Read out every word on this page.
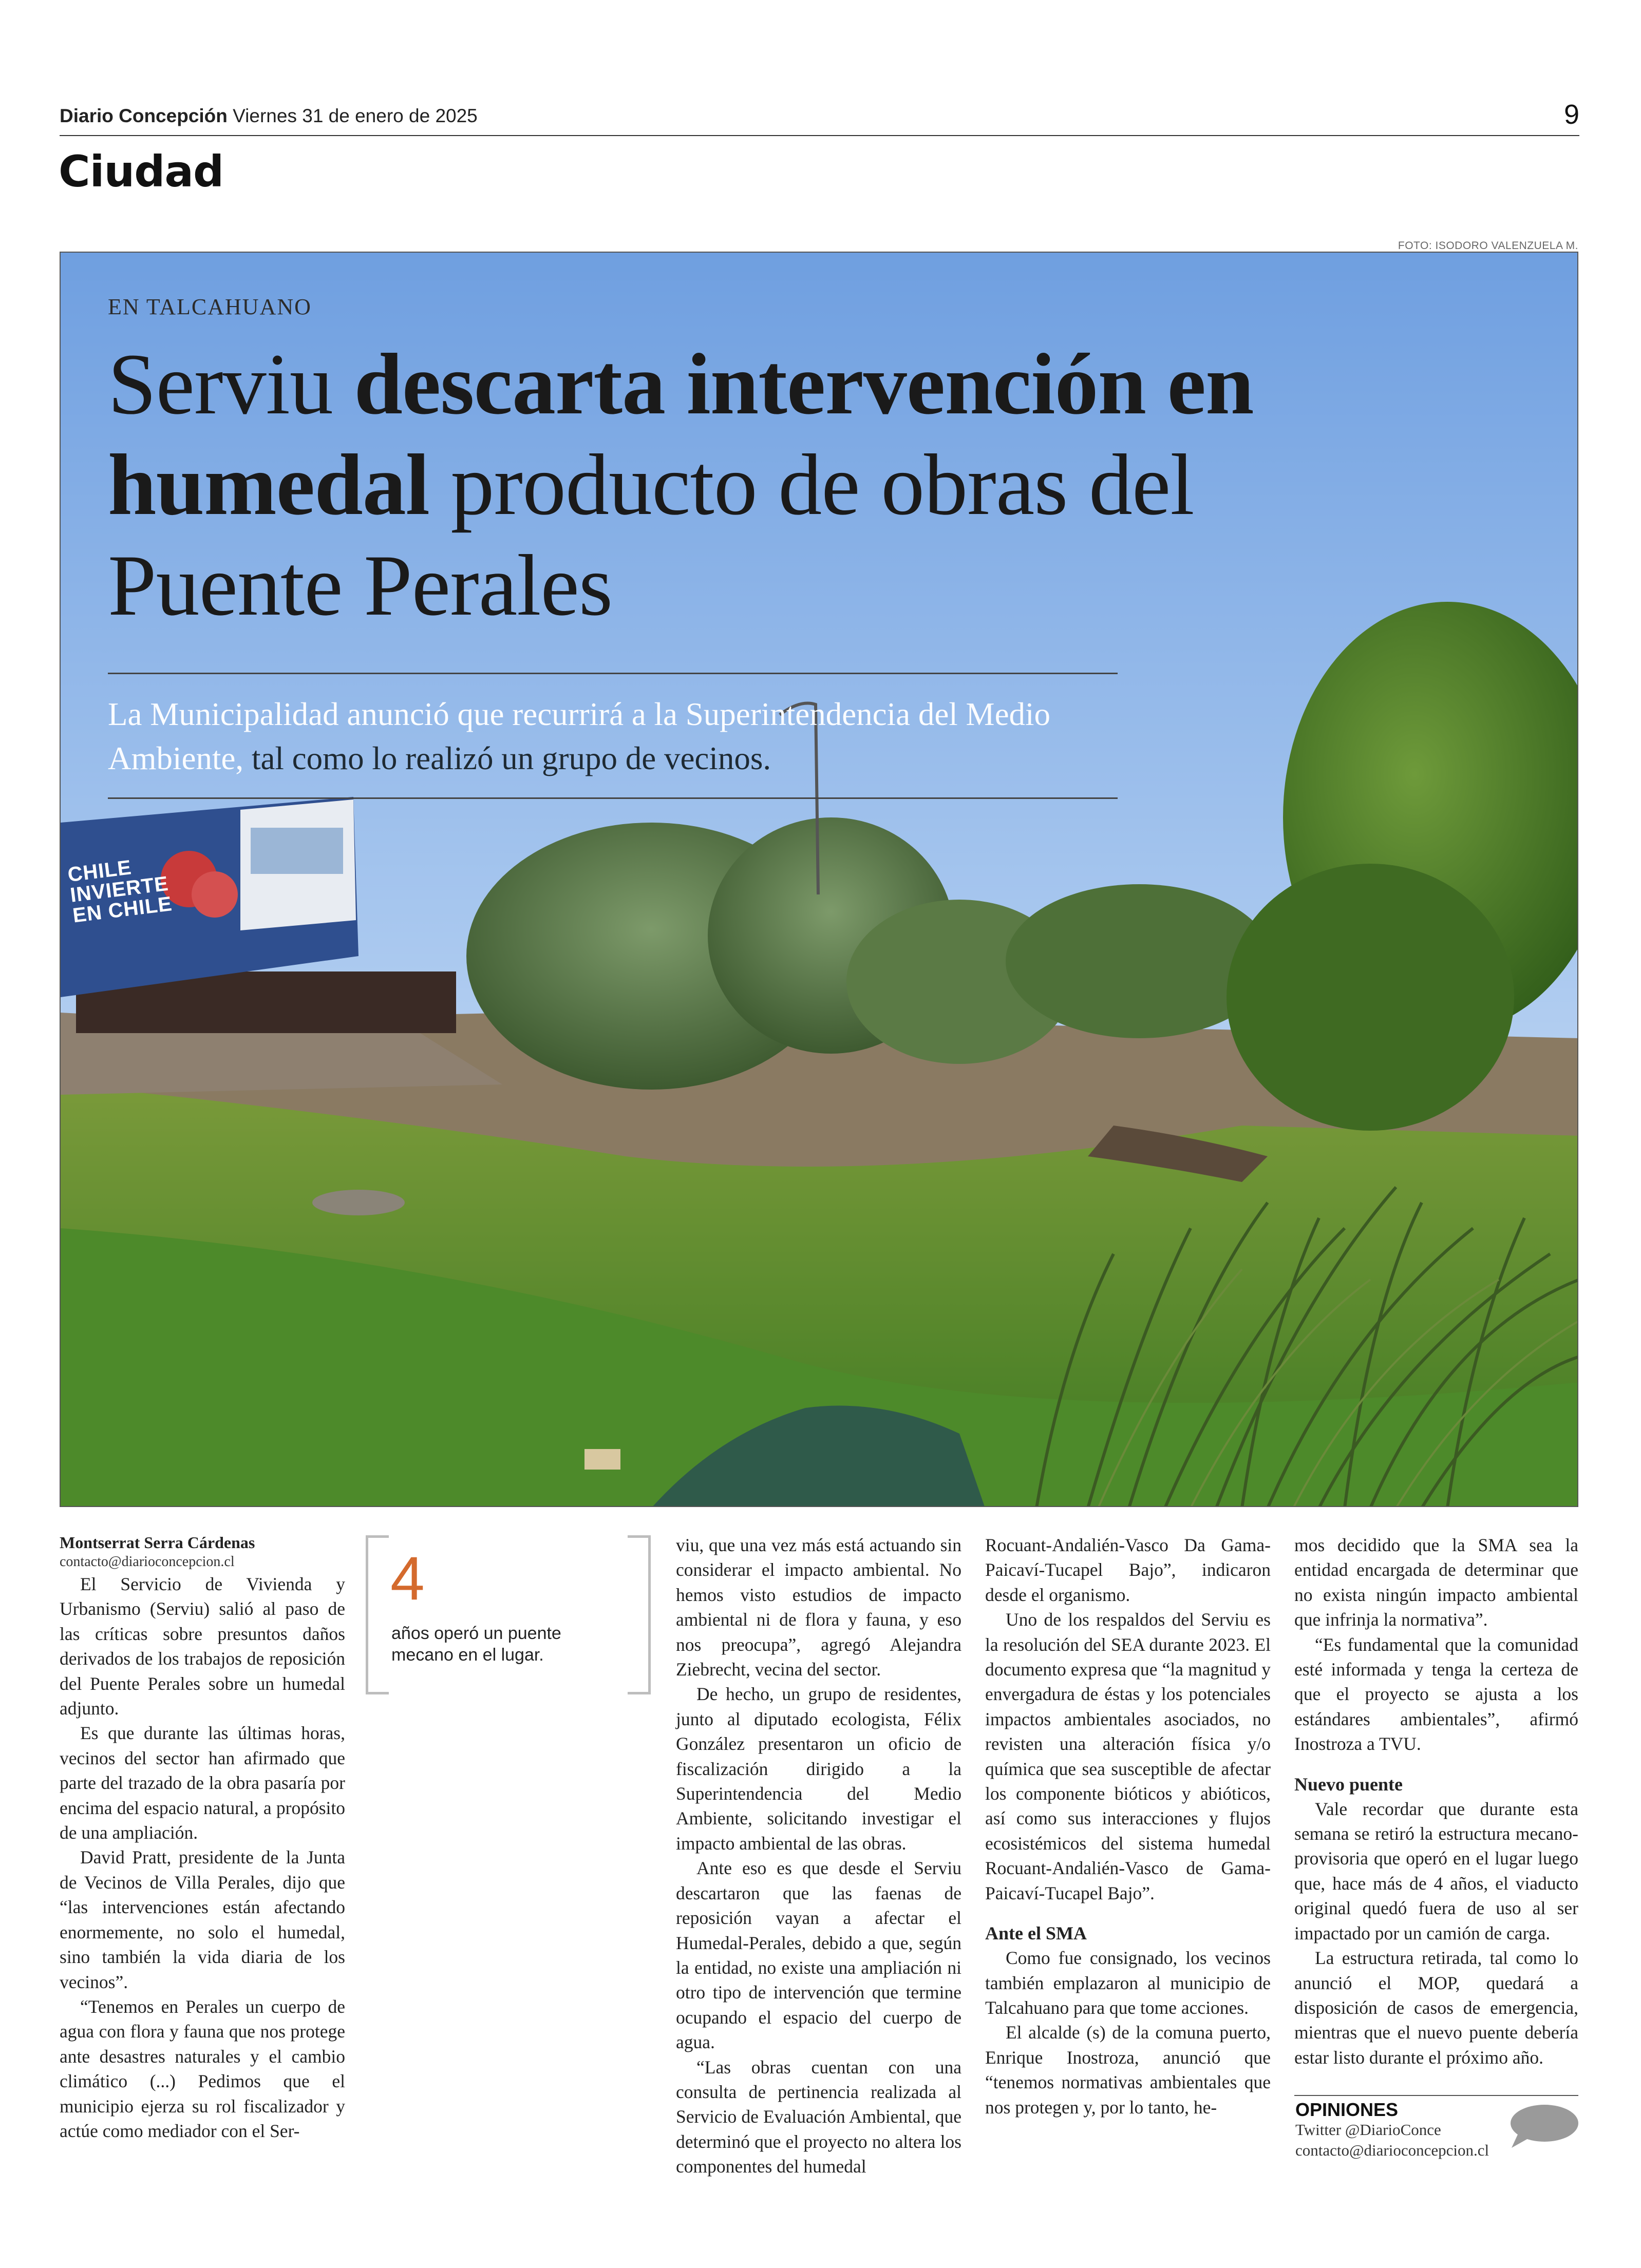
Diario Concepción Viernes 31 de enero de 2025	9
Ciudad
FOTO: ISODORO VALENZUELA M.
EN TALCAHUANO
Serviu descarta intervención en humedal producto de obras del Puente Perales
La Municipalidad anunció que recurrirá a la Superintendencia del Medio Ambiente, tal como lo realizó un grupo de vecinos.
CHILE INVIERTE EN CHILE

Montserrat Serra Cárdenas

contacto@diarioconcepcion.cl

El Servicio de Vivienda y Urbanismo (Serviu) salió al paso de las críticas sobre presuntos daños derivados de los trabajos de reposición del Puente Perales sobre un humedal adjunto.

Es que durante las últimas horas, vecinos del sector han afirmado que parte del trazado de la obra pasaría por encima del espacio natural, a propósito de una ampliación.

David Pratt, presidente de la Junta de Vecinos de Villa Perales, dijo que “las intervenciones están afectando enormemente, no solo el humedal, sino también la vida diaria de los vecinos”.

“Tenemos en Perales un cuerpo de agua con flora y fauna que nos protege ante desastres naturales y el cambio climático (...) Pedimos que el municipio ejerza su rol fiscalizador y actúe como mediador con el Ser-

4
años operó un puente mecano en el lugar.

viu, que una vez más está actuando sin considerar el impacto ambiental. No hemos visto estudios de impacto ambiental ni de flora y fauna, y eso nos preocupa”, agregó Alejandra Ziebrecht, vecina del sector.

De hecho, un grupo de residentes, junto al diputado ecologista, Félix González presentaron un oficio de fiscalización dirigido a la Superintendencia del Medio Ambiente, solicitando investigar el impacto ambiental de las obras.

Ante eso es que desde el Serviu descartaron que las faenas de reposición vayan a afectar el Humedal-Perales, debido a que, según la entidad, no existe una ampliación ni otro tipo de intervención que termine ocupando el espacio del cuerpo de agua.

“Las obras cuentan con una consulta de pertinencia realizada al Servicio de Evaluación Ambiental, que determinó que el proyecto no altera los componentes del humedal

Rocuant-Andalién-Vasco Da Gama-Paicaví-Tucapel Bajo”, indicaron desde el organismo.

Uno de los respaldos del Serviu es la resolución del SEA durante 2023. El documento expresa que “la magnitud y envergadura de éstas y los potenciales impactos ambientales asociados, no revisten una alteración física y/o química que sea susceptible de afectar los componente bióticos y abióticos, así como sus interacciones y flujos ecosistémicos del sistema humedal Rocuant-Andalién-Vasco de Gama-Paicaví-Tucapel Bajo”.

Ante el SMA

Como fue consignado, los vecinos también emplazaron al municipio de Talcahuano para que tome acciones.

El alcalde (s) de la comuna puerto, Enrique Inostroza, anunció que “tenemos normativas ambientales que nos protegen y, por lo tanto, he-

mos decidido que la SMA sea la entidad encargada de determinar que no exista ningún impacto ambiental que infrinja la normativa”.

“Es fundamental que la comunidad esté informada y tenga la certeza de que el proyecto se ajusta a los estándares ambientales”, afirmó Inostroza a TVU.

Nuevo puente

Vale recordar que durante esta semana se retiró la estructura mecano-provisoria que operó en el lugar luego que, hace más de 4 años, el viaducto original quedó fuera de uso al ser impactado por un camión de carga.

La estructura retirada, tal como lo anunció el MOP, quedará a disposición de casos de emergencia, mientras que el nuevo puente debería estar listo durante el próximo año.

OPINIONES
Twitter @DiarioConce
contacto@diarioconcepcion.cl
